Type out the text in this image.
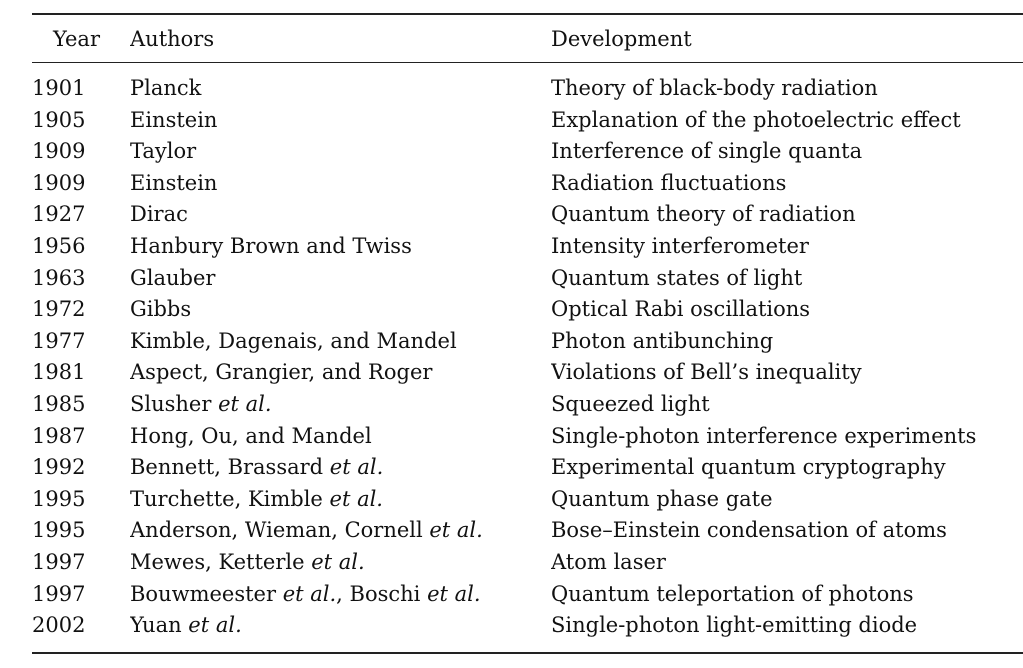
Year	Authors	Development
1901	Planck	Theory of black-body radiation
1905	Einstein	Explanation of the photoelectric effect
1909	Taylor	Interference of single quanta
1909	Einstein	Radiation fluctuations
1927	Dirac	Quantum theory of radiation
1956	Hanbury Brown and Twiss	Intensity interferometer
1963	Glauber	Quantum states of light
1972	Gibbs	Optical Rabi oscillations
1977	Kimble, Dagenais, and Mandel	Photon antibunching
1981	Aspect, Grangier, and Roger	Violations of Bell’s inequality
1985	Slusher et al.	Squeezed light
1987	Hong, Ou, and Mandel	Single-photon interference experiments
1992	Bennett, Brassard et al.	Experimental quantum cryptography
1995	Turchette, Kimble et al.	Quantum phase gate
1995	Anderson, Wieman, Cornell et al.	Bose–Einstein condensation of atoms
1997	Mewes, Ketterle et al.	Atom laser
1997	Bouwmeester et al., Boschi et al.	Quantum teleportation of photons
2002	Yuan et al.	Single-photon light-emitting diode
